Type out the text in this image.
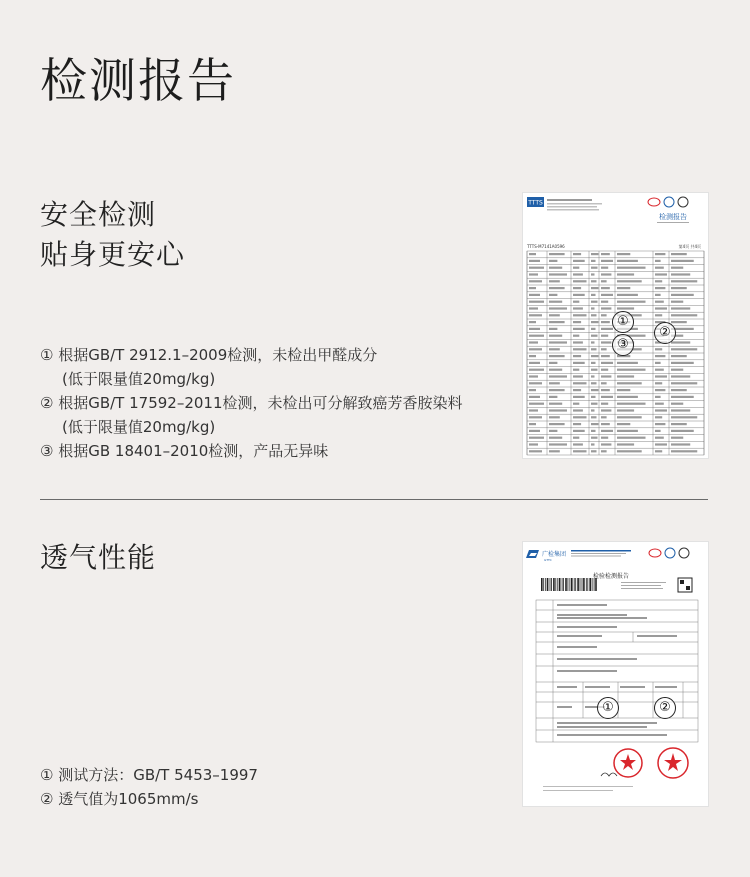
检测报告
安全检测
贴身更安心
① 根据GB/T 2912.1–2009检测，未检出甲醛成分
(低于限量值20mg/kg)
② 根据GB/T 17592–2011检测，未检出可分解致癌芳香胺染料
(低于限量值20mg/kg)
③ 根据GB 18401–2010检测，产品无异味
TTTS
检测报告
TTTS-M7141A0596	第4页 共4页
①
②
③
透气性能
① 测试方法：GB/T 5453–1997
② 透气值为1065mm/s
广检集团
GTTC
检验检测报告
①	②
